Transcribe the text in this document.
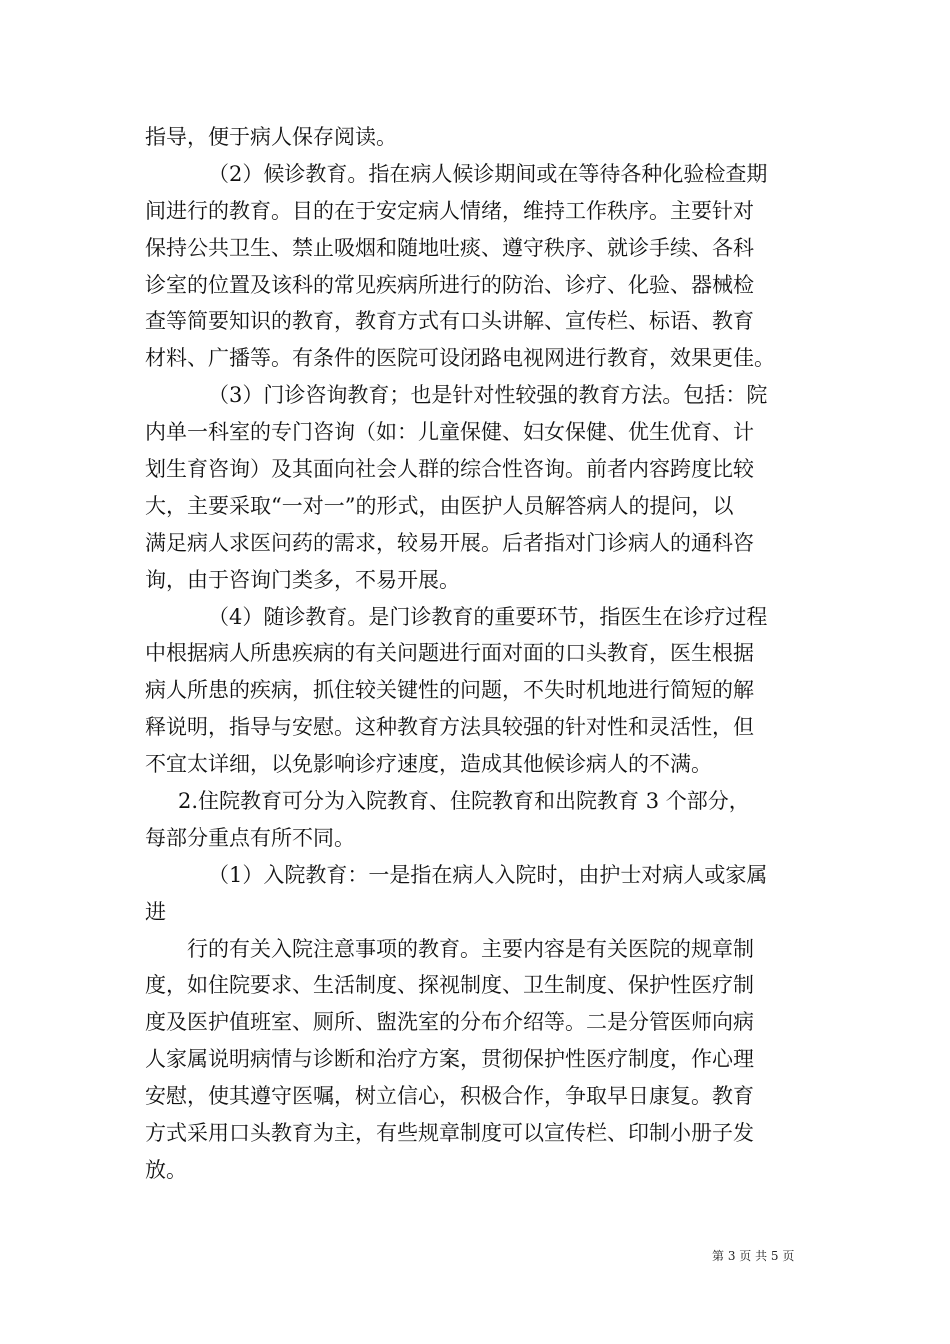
指导，便于病人保存阅读。
（2）候诊教育。指在病人候诊期间或在等待各种化验检查期
间进行的教育。目的在于安定病人情绪，维持工作秩序。主要针对
保持公共卫生、禁止吸烟和随地吐痰、遵守秩序、就诊手续、各科
诊室的位置及该科的常见疾病所进行的防治、诊疗、化验、器械检
查等简要知识的教育，教育方式有口头讲解、宣传栏、标语、教育
材料、广播等。有条件的医院可设闭路电视网进行教育，效果更佳。
（3）门诊咨询教育；也是针对性较强的教育方法。包括：院
内单一科室的专门咨询（如：儿童保健、妇女保健、优生优育、计
划生育咨询）及其面向社会人群的综合性咨询。前者内容跨度比较
大，主要采取“一对一”的形式，由医护人员解答病人的提问，以
满足病人求医问药的需求，较易开展。后者指对门诊病人的通科咨
询，由于咨询门类多，不易开展。
（4）随诊教育。是门诊教育的重要环节，指医生在诊疗过程
中根据病人所患疾病的有关问题进行面对面的口头教育，医生根据
病人所患的疾病，抓住较关键性的问题，不失时机地进行简短的解
释说明，指导与安慰。这种教育方法具较强的针对性和灵活性，但
不宜太详细，以免影响诊疗速度，造成其他候诊病人的不满。
2.住院教育可分为入院教育、住院教育和出院教育 3 个部分，
每部分重点有所不同。
（1）入院教育：一是指在病人入院时，由护士对病人或家属
进
行的有关入院注意事项的教育。主要内容是有关医院的规章制
度，如住院要求、生活制度、探视制度、卫生制度、保护性医疗制
度及医护值班室、厕所、盥洗室的分布介绍等。二是分管医师向病
人家属说明病情与诊断和治疗方案，贯彻保护性医疗制度，作心理
安慰，使其遵守医嘱，树立信心，积极合作，争取早日康复。教育
方式采用口头教育为主，有些规章制度可以宣传栏、印制小册子发
放。
第 3 页 共 5 页
